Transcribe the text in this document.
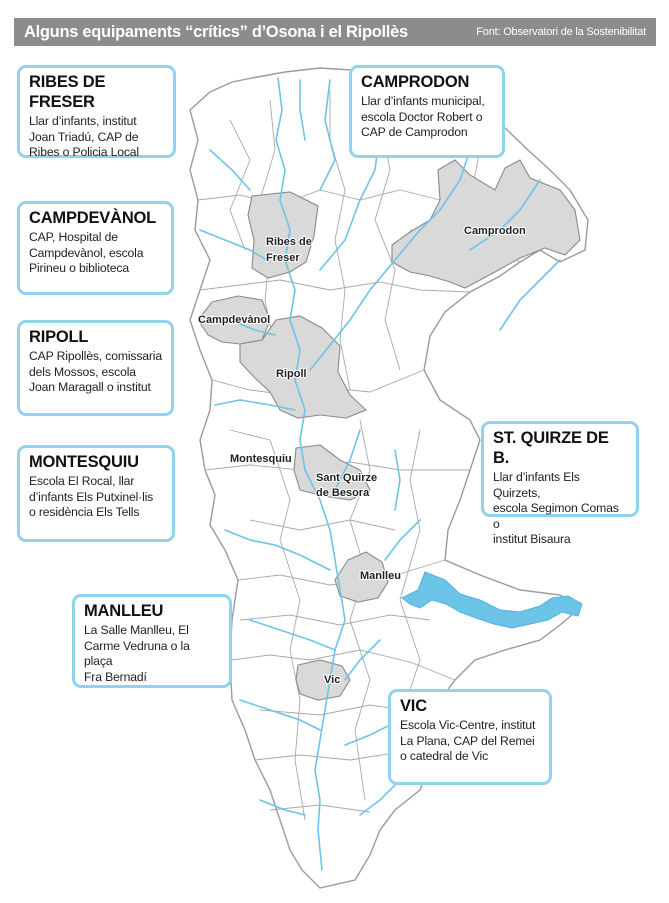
Alguns equipaments “crítics” d’Osona i el Ripollès	Font: Observatori de la Sostenibilitat
Ribes de
Freser
Camprodon
Campdevànol
Ripoll
Montesquiu
Sant Quirze
de Besora
Manlleu
Vic
RIBES DE FRESER
Llar d’infants, institut
Joan Triadú, CAP de
Ribes o Policia Local
CAMPRODON
Llar d’infants municipal,
escola Doctor Robert o
CAP de Camprodon
CAMPDEVÀNOL
CAP, Hospital de
Campdevànol, escola
Pirineu o biblioteca
RIPOLL
CAP Ripollès, comissaria
dels Mossos, escola
Joan Maragall o institut
MONTESQUIU
Escola El Rocal, llar
d’infants Els Putxinel·lis
o residència Els Tells
ST. QUIRZE DE B.
Llar d’infants Els Quirzets,
escola Segimon Comas o
institut Bisaura
MANLLEU
La Salle Manlleu, El
Carme Vedruna o la plaça
Fra Bernadí
VIC
Escola Vic-Centre, institut
La Plana, CAP del Remei
o catedral de Vic
